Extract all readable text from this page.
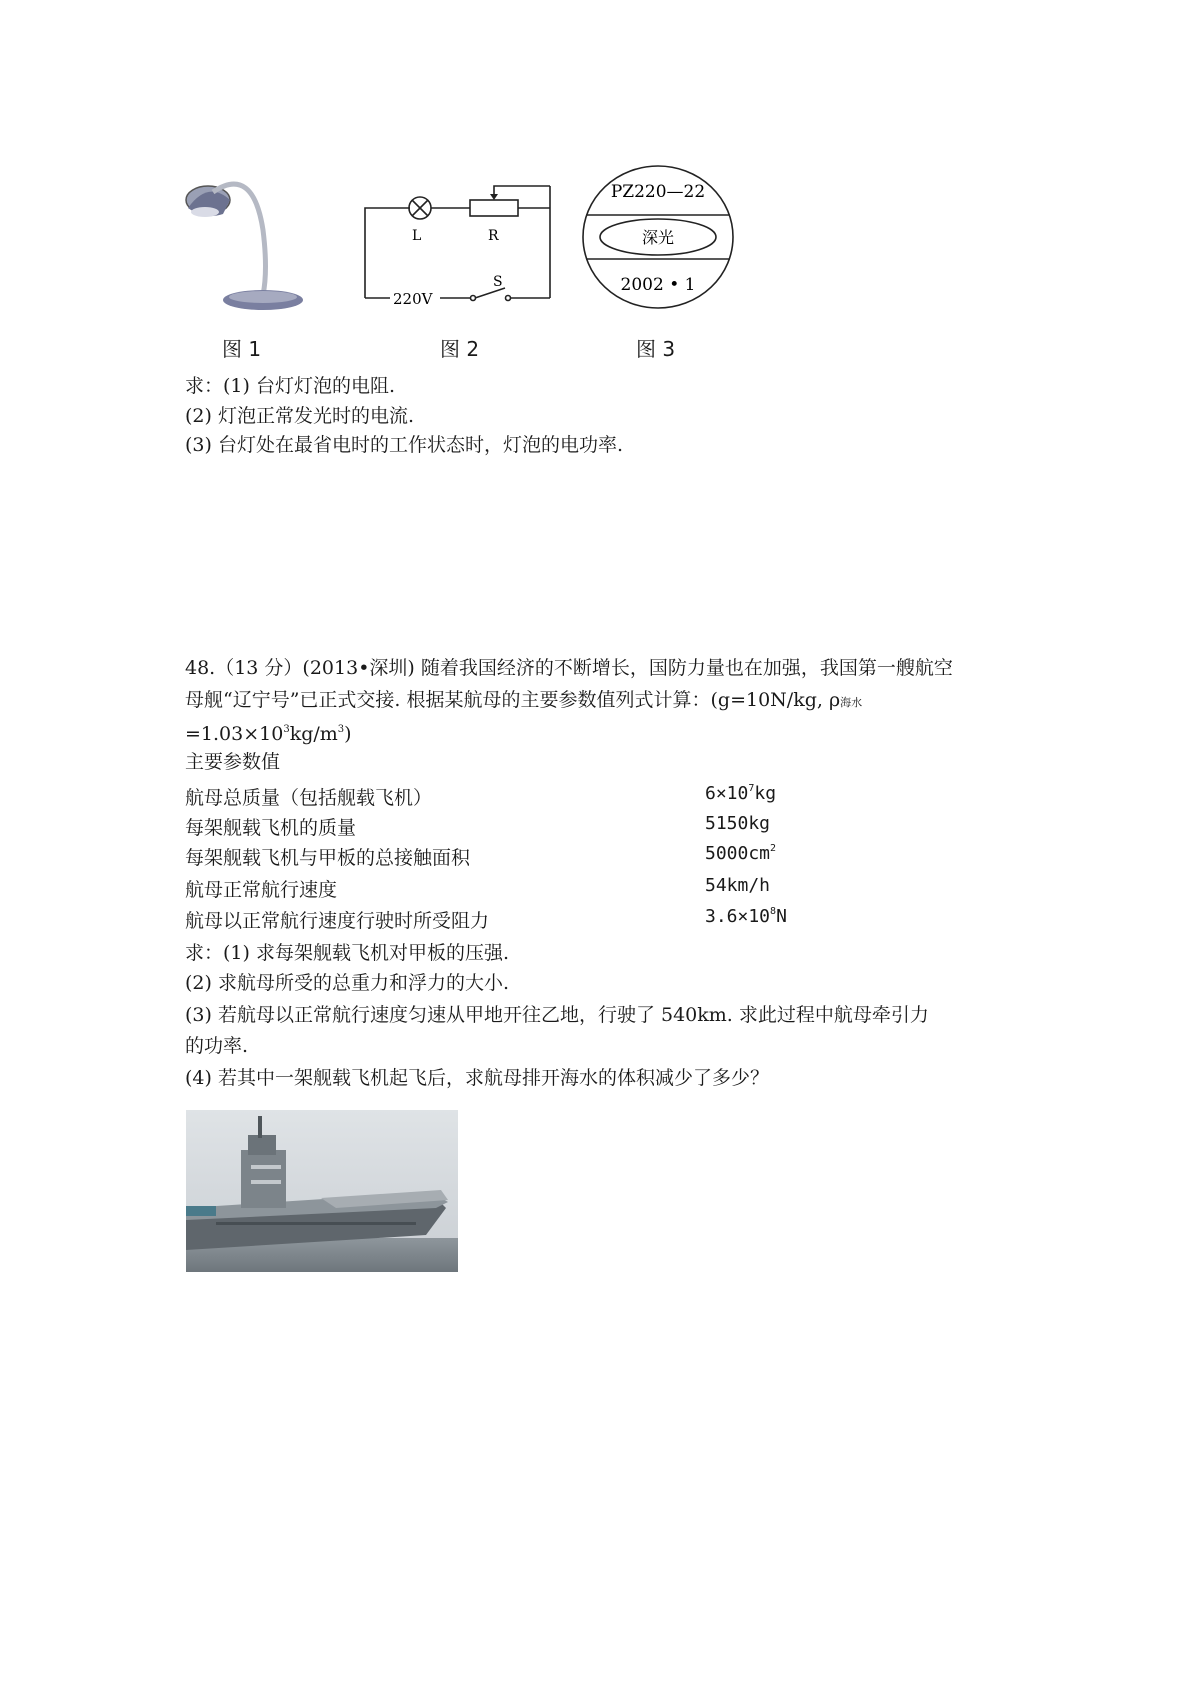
图 1
L	R
220V
S
图 2
PZ220—22
深光
2002 • 1
图 3
求：(1) 台灯灯泡的电阻.
(2) 灯泡正常发光时的电流.
(3) 台灯处在最省电时的工作状态时，灯泡的电功率.
48.（13 分）(2013•深圳) 随着我国经济的不断增长，国防力量也在加强，我国第一艘航空
母舰“辽宁号”已正式交接. 根据某航母的主要参数值列式计算：(g=10N/kg, ρ海水
$=1.03\times 10^3kg/m^3$)
主要参数值
航母总质量（包括舰载飞机）	$6\times 10^7kg$
每架舰载飞机的质量	5150kg
每架舰载飞机与甲板的总接触面积	$5000cm^2$
航母正常航行速度	54km/h
航母以正常航行速度行驶时所受阻力	$3.6\times 10^8N$
求：(1) 求每架舰载飞机对甲板的压强.
(2) 求航母所受的总重力和浮力的大小.
(3) 若航母以正常航行速度匀速从甲地开往乙地，行驶了 540km. 求此过程中航母牵引力
的功率.
(4) 若其中一架舰载飞机起飞后，求航母排开海水的体积减少了多少？
